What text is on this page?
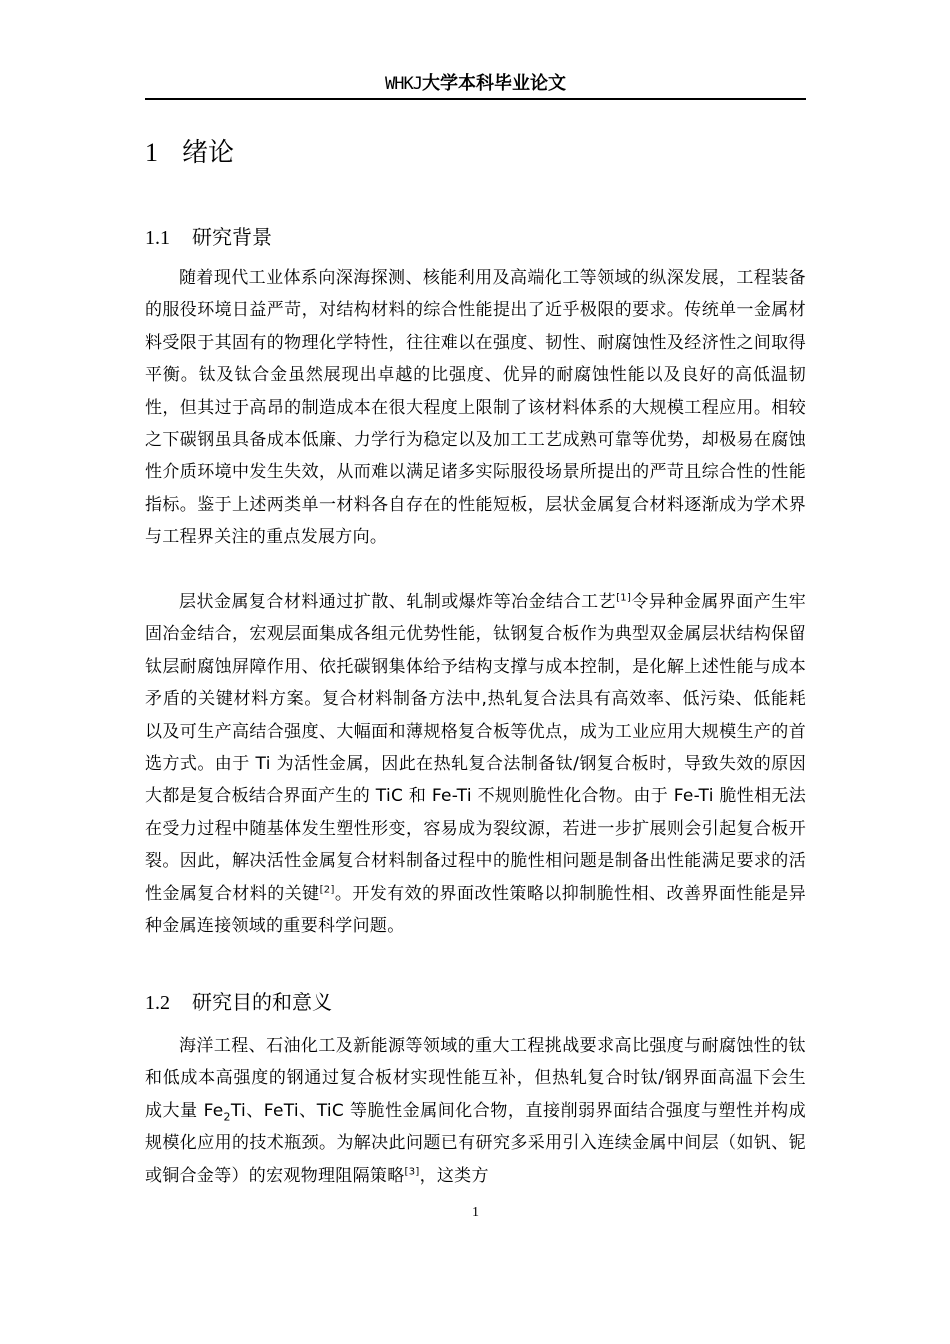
WHKJ大学本科毕业论文
1 绪论
1.1 研究背景
随着现代工业体系向深海探测、核能利用及高端化工等领域的纵深发展，工程装备的服役环境日益严苛，对结构材料的综合性能提出了近乎极限的要求。传统单一金属材料受限于其固有的物理化学特性，往往难以在强度、韧性、耐腐蚀性及经济性之间取得平衡。钛及钛合金虽然展现出卓越的比强度、优异的耐腐蚀性能以及良好的高低温韧性，但其过于高昂的制造成本在很大程度上限制了该材料体系的大规模工程应用。相较之下碳钢虽具备成本低廉、力学行为稳定以及加工工艺成熟可靠等优势，却极易在腐蚀性介质环境中发生失效，从而难以满足诸多实际服役场景所提出的严苛且综合性的性能指标。鉴于上述两类单一材料各自存在的性能短板，层状金属复合材料逐渐成为学术界与工程界关注的重点发展方向。
层状金属复合材料通过扩散、轧制或爆炸等冶金结合工艺[1]令异种金属界面产生牢固冶金结合，宏观层面集成各组元优势性能，钛钢复合板作为典型双金属层状结构保留钛层耐腐蚀屏障作用、依托碳钢集体给予结构支撑与成本控制，是化解上述性能与成本矛盾的关键材料方案。复合材料制备方法中,热轧复合法具有高效率、低污染、低能耗以及可生产高结合强度、大幅面和薄规格复合板等优点，成为工业应用大规模生产的首选方式。由于 Ti 为活性金属，因此在热轧复合法制备钛/钢复合板时，导致失效的原因大都是复合板结合界面产生的 TiC 和 Fe-Ti 不规则脆性化合物。由于 Fe-Ti 脆性相无法在受力过程中随基体发生塑性形变，容易成为裂纹源，若进一步扩展则会引起复合板开裂。因此，解决活性金属复合材料制备过程中的脆性相问题是制备出性能满足要求的活性金属复合材料的关键[2]。开发有效的界面改性策略以抑制脆性相、改善界面性能是异种金属连接领域的重要科学问题。
1.2 研究目的和意义
海洋工程、石油化工及新能源等领域的重大工程挑战要求高比强度与耐腐蚀性的钛和低成本高强度的钢通过复合板材实现性能互补，但热轧复合时钛/钢界面高温下会生成大量 $Fe_2Ti$、FeTi、TiC 等脆性金属间化合物，直接削弱界面结合强度与塑性并构成规模化应用的技术瓶颈。为解决此问题已有研究多采用引入连续金属中间层（如钒、铌或铜合金等）的宏观物理阻隔策略[3]，这类方
1
